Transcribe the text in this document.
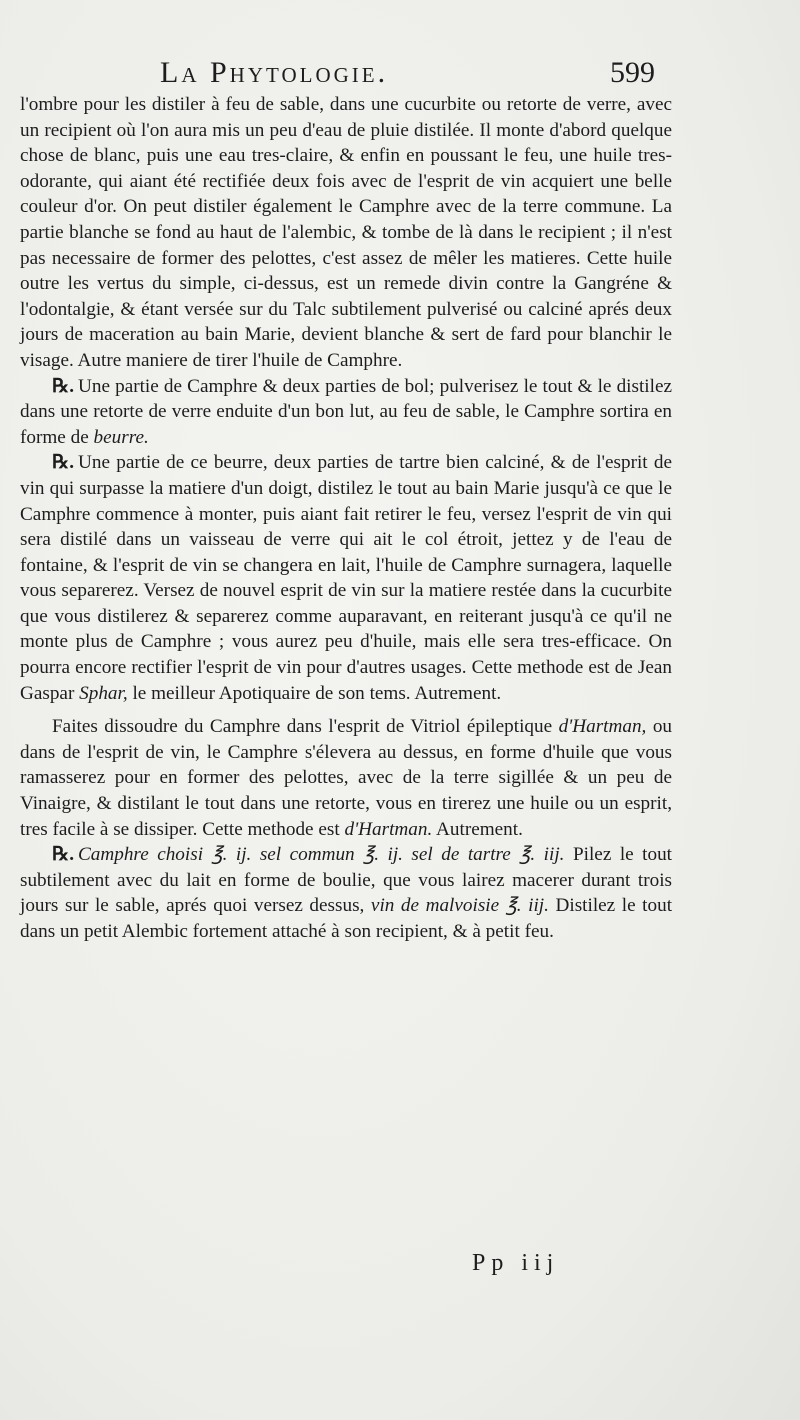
La Phytologie.	599

l'ombre pour les distiler à feu de sable, dans une cucurbite ou retorte de verre, avec un recipient où l'on aura mis un peu d'eau de pluie distilée. Il monte d'abord quelque chose de blanc, puis une eau tres-claire, & enfin en poussant le feu, une huile tres-odorante, qui aiant été rectifiée deux fois avec de l'esprit de vin acquiert une belle couleur d'or. On peut distiler également le Camphre avec de la terre commune. La partie blanche se fond au haut de l'alembic, & tombe de là dans le recipient ; il n'est pas necessaire de former des pelottes, c'est assez de mêler les matieres. Cette huile outre les vertus du simple, ci-dessus, est un remede divin contre la Gangréne & l'odontalgie, & étant versée sur du Talc subtilement pulverisé ou calciné aprés deux jours de maceration au bain Marie, devient blanche & sert de fard pour blanchir le visage. Autre maniere de tirer l'huile de Camphre.

℞. Une partie de Camphre & deux parties de bol; pulverisez le tout & le distilez dans une retorte de verre enduite d'un bon lut, au feu de sable, le Camphre sortira en forme de beurre.

℞. Une partie de ce beurre, deux parties de tartre bien calciné, & de l'esprit de vin qui surpasse la matiere d'un doigt, distilez le tout au bain Marie jusqu'à ce que le Camphre commence à monter, puis aiant fait retirer le feu, versez l'esprit de vin qui sera distilé dans un vaisseau de verre qui ait le col étroit, jettez y de l'eau de fontaine, & l'esprit de vin se changera en lait, l'huile de Camphre surnagera, laquelle vous separerez. Versez de nouvel esprit de vin sur la matiere restée dans la cucurbite que vous distilerez & separerez comme auparavant, en reiterant jusqu'à ce qu'il ne monte plus de Camphre ; vous aurez peu d'huile, mais elle sera tres-efficace. On pourra encore rectifier l'esprit de vin pour d'autres usages. Cette methode est de Jean Gaspar Sphar, le meilleur Apotiquaire de son tems. Autrement.

Faites dissoudre du Camphre dans l'esprit de Vitriol épileptique d'Hartman, ou dans de l'esprit de vin, le Camphre s'élevera au dessus, en forme d'huile que vous ramasserez pour en former des pelottes, avec de la terre sigillée & un peu de Vinaigre, & distilant le tout dans une retorte, vous en tirerez une huile ou un esprit, tres facile à se dissiper. Cette methode est d'Hartman. Autrement.

℞. Camphre choisi ℥. ij. sel commun ℥. ij. sel de tartre ℥. iij. Pilez le tout subtilement avec du lait en forme de boulie, que vous lairez macerer durant trois jours sur le sable, aprés quoi versez dessus, vin de malvoisie ℥. iij. Distilez le tout dans un petit Alembic fortement attaché à son recipient, & à petit feu.

Pp iij
